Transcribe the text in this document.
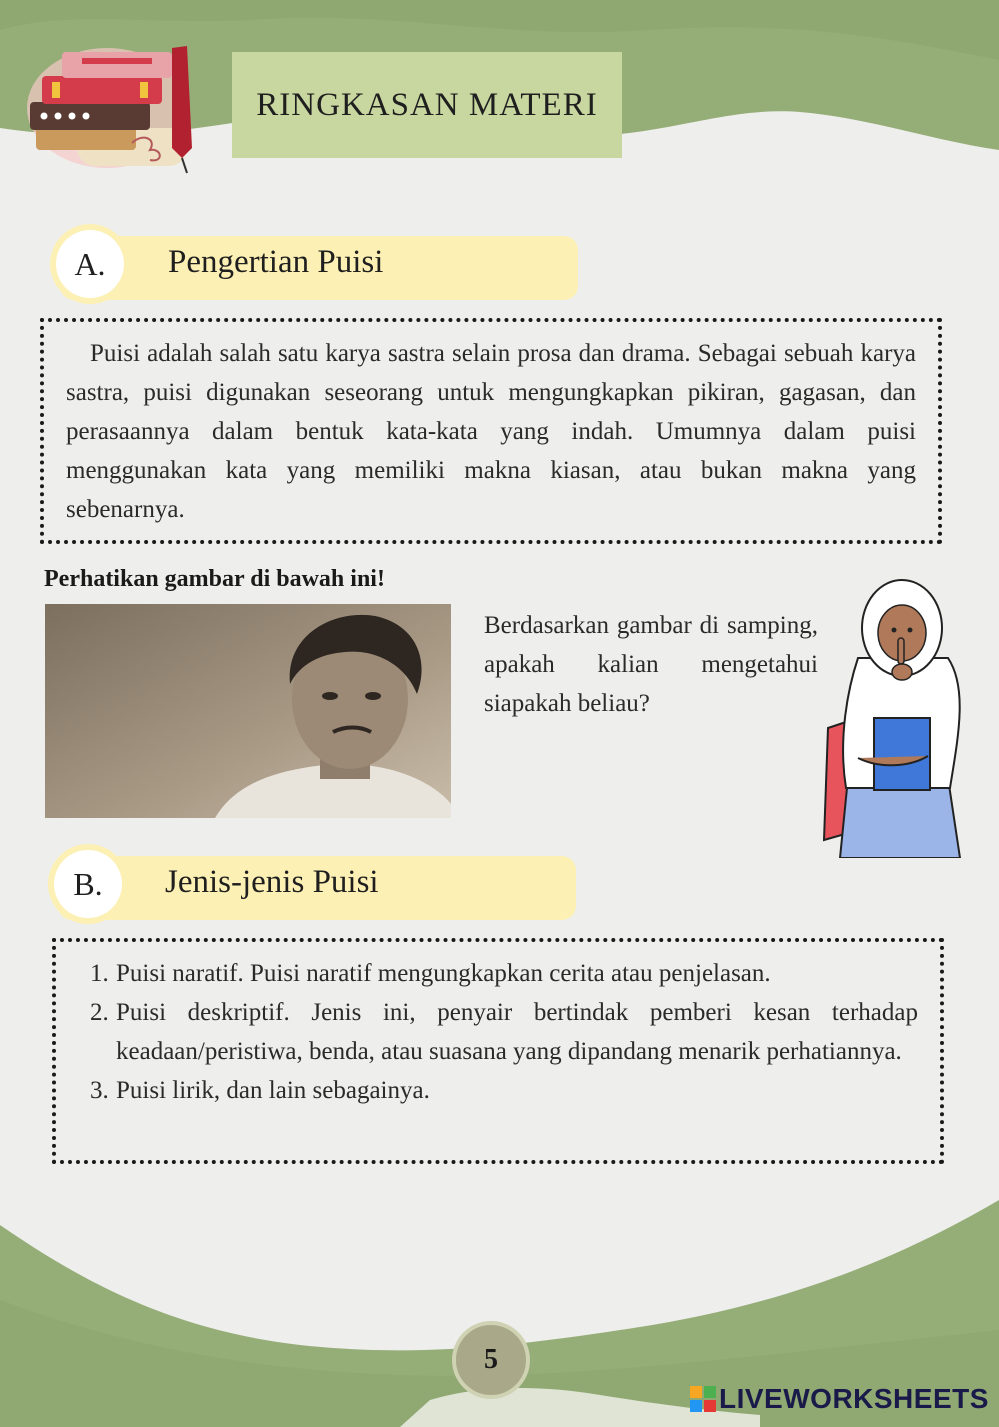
RINGKASAN MATERI
A.	Pengertian Puisi
Puisi adalah salah satu karya sastra selain prosa dan drama. Sebagai sebuah karya sastra, puisi digunakan seseorang untuk mengungkapkan pikiran, gagasan, dan perasaannya dalam bentuk kata-kata yang indah. Umumnya dalam puisi menggunakan kata yang memiliki makna kiasan, atau bukan makna yang sebenarnya.
Perhatikan gambar di bawah ini!
Berdasarkan gambar di samping, apakah kalian mengetahui siapakah beliau?
B.	Jenis-jenis Puisi
1. Puisi naratif. Puisi naratif mengungkapkan cerita atau penjelasan.
2. Puisi deskriptif. Jenis ini, penyair bertindak pemberi kesan terhadap keadaan/peristiwa, benda, atau suasana yang dipandang menarik perhatiannya.
3. Puisi lirik, dan lain sebagainya.
5
LIVEWORKSHEETS
